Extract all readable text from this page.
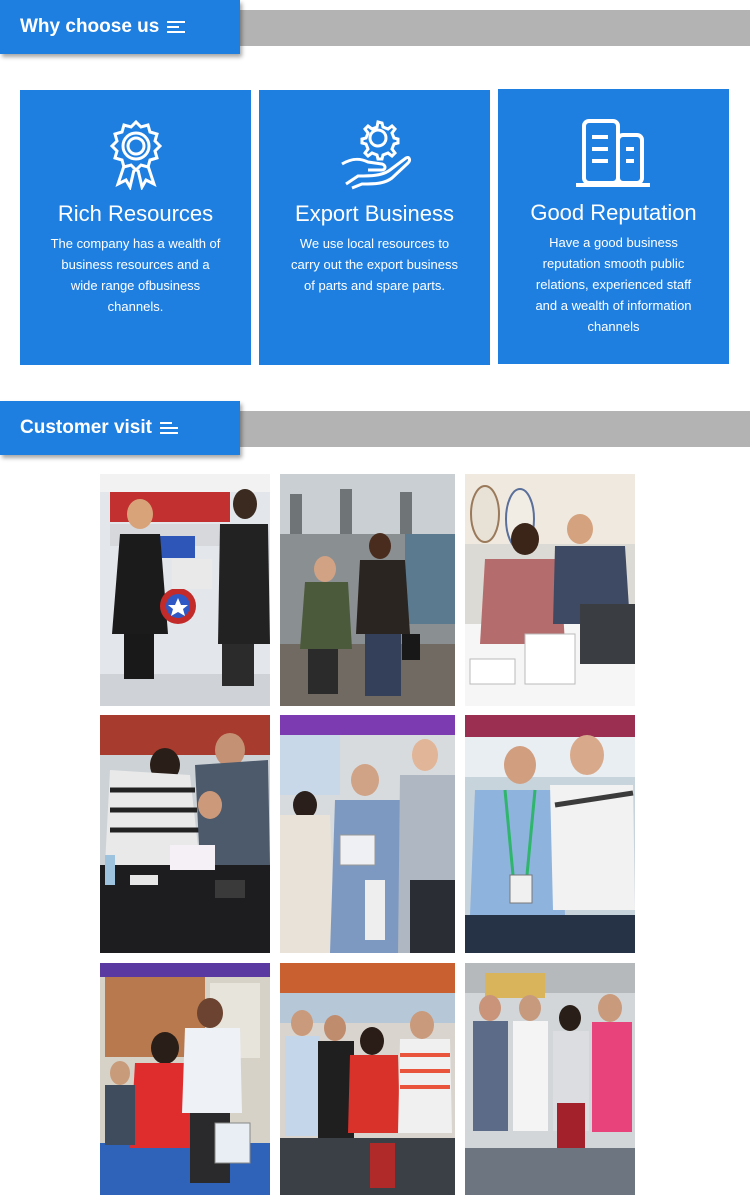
Why choose us
Rich Resources
The company has a wealth of business resources and a wide range ofbusiness channels.
Export Business
We use local resources to carry out the export business of parts and spare parts.
Good Reputation
Have a good business reputation smooth public relations, experienced staff and a wealth of information channels
Customer visit
